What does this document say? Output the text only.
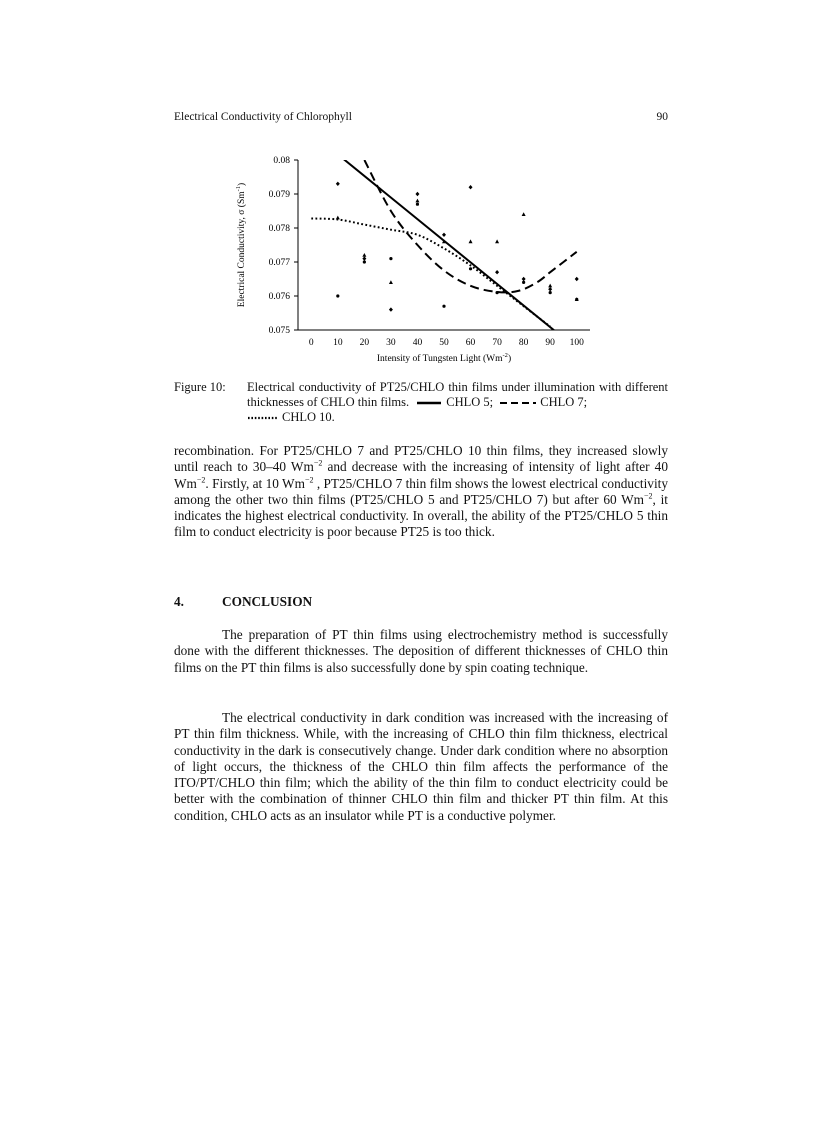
Electrical Conductivity of Chlorophyll	90
0.075
0.076
0.077
0.078
0.079
0.08
0 10 20 30 40 50 60 70 80 90 100
Intensity of Tungsten Light $(Wm^{-2})$
Electrical Conductivity, σ $(Sm^{-1})$
Figure 10: Electrical conductivity of PT25/CHLO thin films under illumination with different thicknesses of CHLO thin films.	CHLO 5;	CHLO 7;
CHLO 10.
recombination. For PT25/CHLO 7 and PT25/CHLO 10 thin films, they increased slowly until reach to 30–40 $Wm^{-2}$ and decrease with the increasing of intensity of light after 40 $Wm^{-2}$. Firstly, at 10 $Wm^{-2}$ , PT25/CHLO 7 thin film shows the lowest electrical conductivity among the other two thin films (PT25/CHLO 5 and PT25/CHLO 7) but after 60 $Wm^{-2}$, it indicates the highest electrical conductivity. In overall, the ability of the PT25/CHLO 5 thin film to conduct electricity is poor because PT25 is too thick.
4.	CONCLUSION
The preparation of PT thin films using electrochemistry method is successfully done with the different thicknesses. The deposition of different thicknesses of CHLO thin films on the PT thin films is also successfully done by spin coating technique.
The electrical conductivity in dark condition was increased with the increasing of PT thin film thickness. While, with the increasing of CHLO thin film thickness, electrical conductivity in the dark is consecutively change. Under dark condition where no absorption of light occurs, the thickness of the CHLO thin film affects the performance of the ITO/PT/CHLO thin film; which the ability of the thin film to conduct electricity could be better with the combination of thinner CHLO thin film and thicker PT thin film. At this condition, CHLO acts as an insulator while PT is a conductive polymer.
